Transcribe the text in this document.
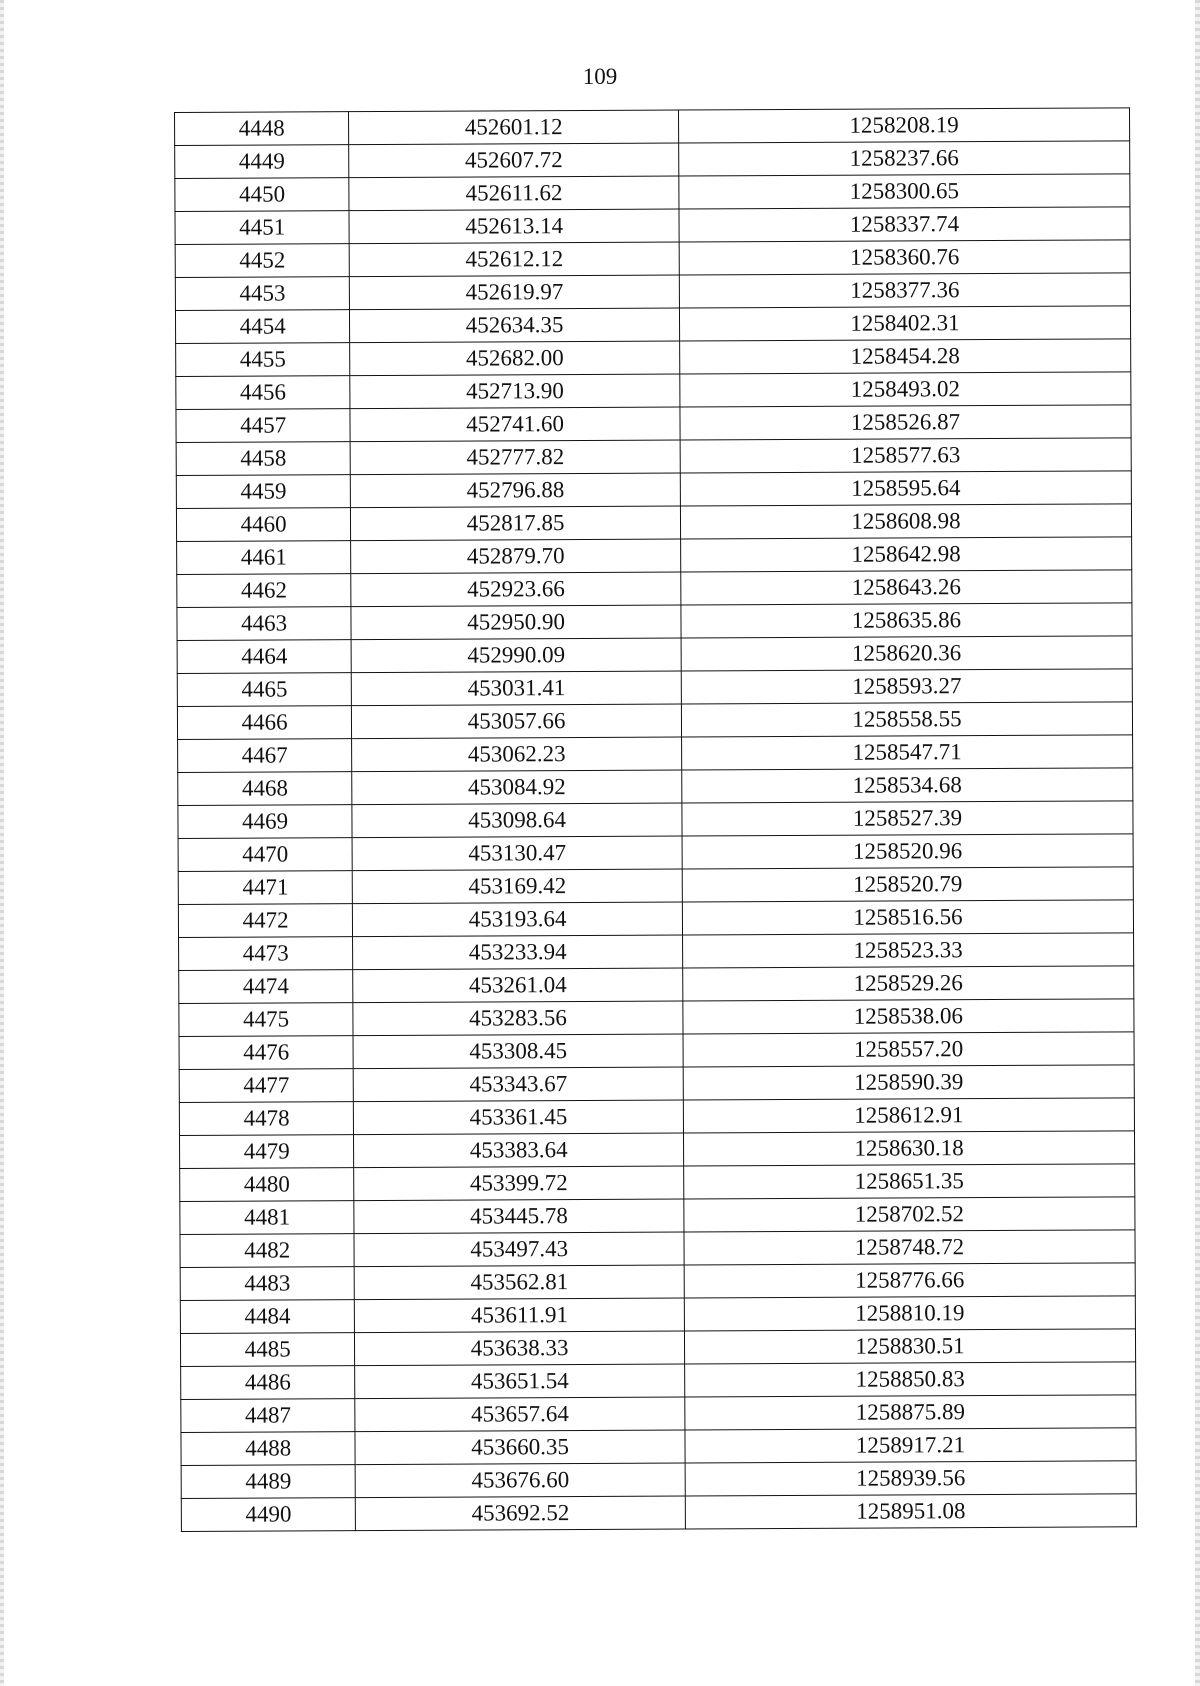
109
4448	452601.12	1258208.19
4449	452607.72	1258237.66
4450	452611.62	1258300.65
4451	452613.14	1258337.74
4452	452612.12	1258360.76
4453	452619.97	1258377.36
4454	452634.35	1258402.31
4455	452682.00	1258454.28
4456	452713.90	1258493.02
4457	452741.60	1258526.87
4458	452777.82	1258577.63
4459	452796.88	1258595.64
4460	452817.85	1258608.98
4461	452879.70	1258642.98
4462	452923.66	1258643.26
4463	452950.90	1258635.86
4464	452990.09	1258620.36
4465	453031.41	1258593.27
4466	453057.66	1258558.55
4467	453062.23	1258547.71
4468	453084.92	1258534.68
4469	453098.64	1258527.39
4470	453130.47	1258520.96
4471	453169.42	1258520.79
4472	453193.64	1258516.56
4473	453233.94	1258523.33
4474	453261.04	1258529.26
4475	453283.56	1258538.06
4476	453308.45	1258557.20
4477	453343.67	1258590.39
4478	453361.45	1258612.91
4479	453383.64	1258630.18
4480	453399.72	1258651.35
4481	453445.78	1258702.52
4482	453497.43	1258748.72
4483	453562.81	1258776.66
4484	453611.91	1258810.19
4485	453638.33	1258830.51
4486	453651.54	1258850.83
4487	453657.64	1258875.89
4488	453660.35	1258917.21
4489	453676.60	1258939.56
4490	453692.52	1258951.08
